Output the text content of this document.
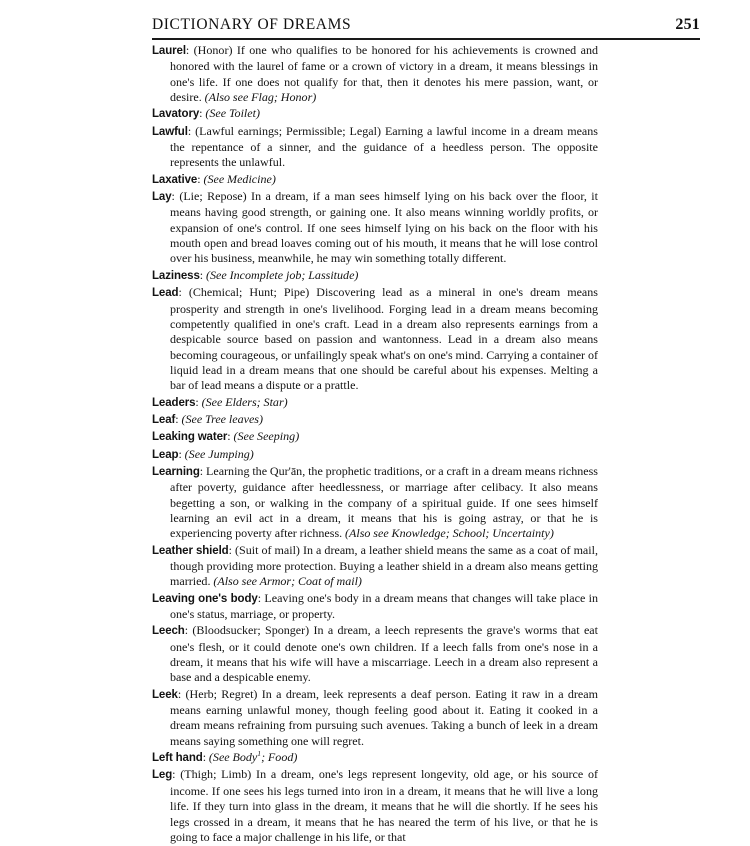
DICTIONARY OF DREAMS	251

Laurel: (Honor) If one who qualifies to be honored for his achievements is crowned and honored with the laurel of fame or a crown of victory in a dream, it means blessings in one's life. If one does not qualify for that, then it denotes his mere passion, want, or desire. (Also see Flag; Honor)

Lavatory: (See Toilet)

Lawful: (Lawful earnings; Permissible; Legal) Earning a lawful income in a dream means the repentance of a sinner, and the guidance of a heedless person. The opposite represents the unlawful.

Laxative: (See Medicine)

Lay: (Lie; Repose) In a dream, if a man sees himself lying on his back over the floor, it means having good strength, or gaining one. It also means winning worldly profits, or expansion of one's control. If one sees himself lying on his back on the floor with his mouth open and bread loaves coming out of his mouth, it means that he will lose control over his business, meanwhile, he may win something totally different.

Laziness: (See Incomplete job; Lassitude)

Lead: (Chemical; Hunt; Pipe) Discovering lead as a mineral in one's dream means prosperity and strength in one's livelihood. Forging lead in a dream means becoming competently qualified in one's craft. Lead in a dream also represents earnings from a despicable source based on passion and wantonness. Lead in a dream also means becoming courageous, or unfailingly speak what's on one's mind. Carrying a container of liquid lead in a dream means that one should be careful about his expenses. Melting a bar of lead means a dispute or a prattle.

Leaders: (See Elders; Star)

Leaf: (See Tree leaves)

Leaking water: (See Seeping)

Leap: (See Jumping)

Learning: Learning the Qur'ān, the prophetic traditions, or a craft in a dream means richness after poverty, guidance after heedlessness, or marriage after celibacy. It also means begetting a son, or walking in the company of a spiritual guide. If one sees himself learning an evil act in a dream, it means that his is going astray, or that he is experiencing poverty after richness. (Also see Knowledge; School; Uncertainty)

Leather shield: (Suit of mail) In a dream, a leather shield means the same as a coat of mail, though providing more protection. Buying a leather shield in a dream also means getting married. (Also see Armor; Coat of mail)

Leaving one's body: Leaving one's body in a dream means that changes will take place in one's status, marriage, or property.

Leech: (Bloodsucker; Sponger) In a dream, a leech represents the grave's worms that eat one's flesh, or it could denote one's own children. If a leech falls from one's nose in a dream, it means that his wife will have a miscarriage. Leech in a dream also represent a base and a despicable enemy.

Leek: (Herb; Regret) In a dream, leek represents a deaf person. Eating it raw in a dream means earning unlawful money, though feeling good about it. Eating it cooked in a dream means refraining from pursuing such avenues. Taking a bunch of leek in a dream means saying something one will regret.

Left hand: (See Body$^1$; Food)

Leg: (Thigh; Limb) In a dream, one's legs represent longevity, old age, or his source of income. If one sees his legs turned into iron in a dream, it means that he will live a long life. If they turn into glass in the dream, it means that he will die shortly. If he sees his legs crossed in a dream, it means that he has neared the term of his live, or that he is going to face a major challenge in his life, or that
